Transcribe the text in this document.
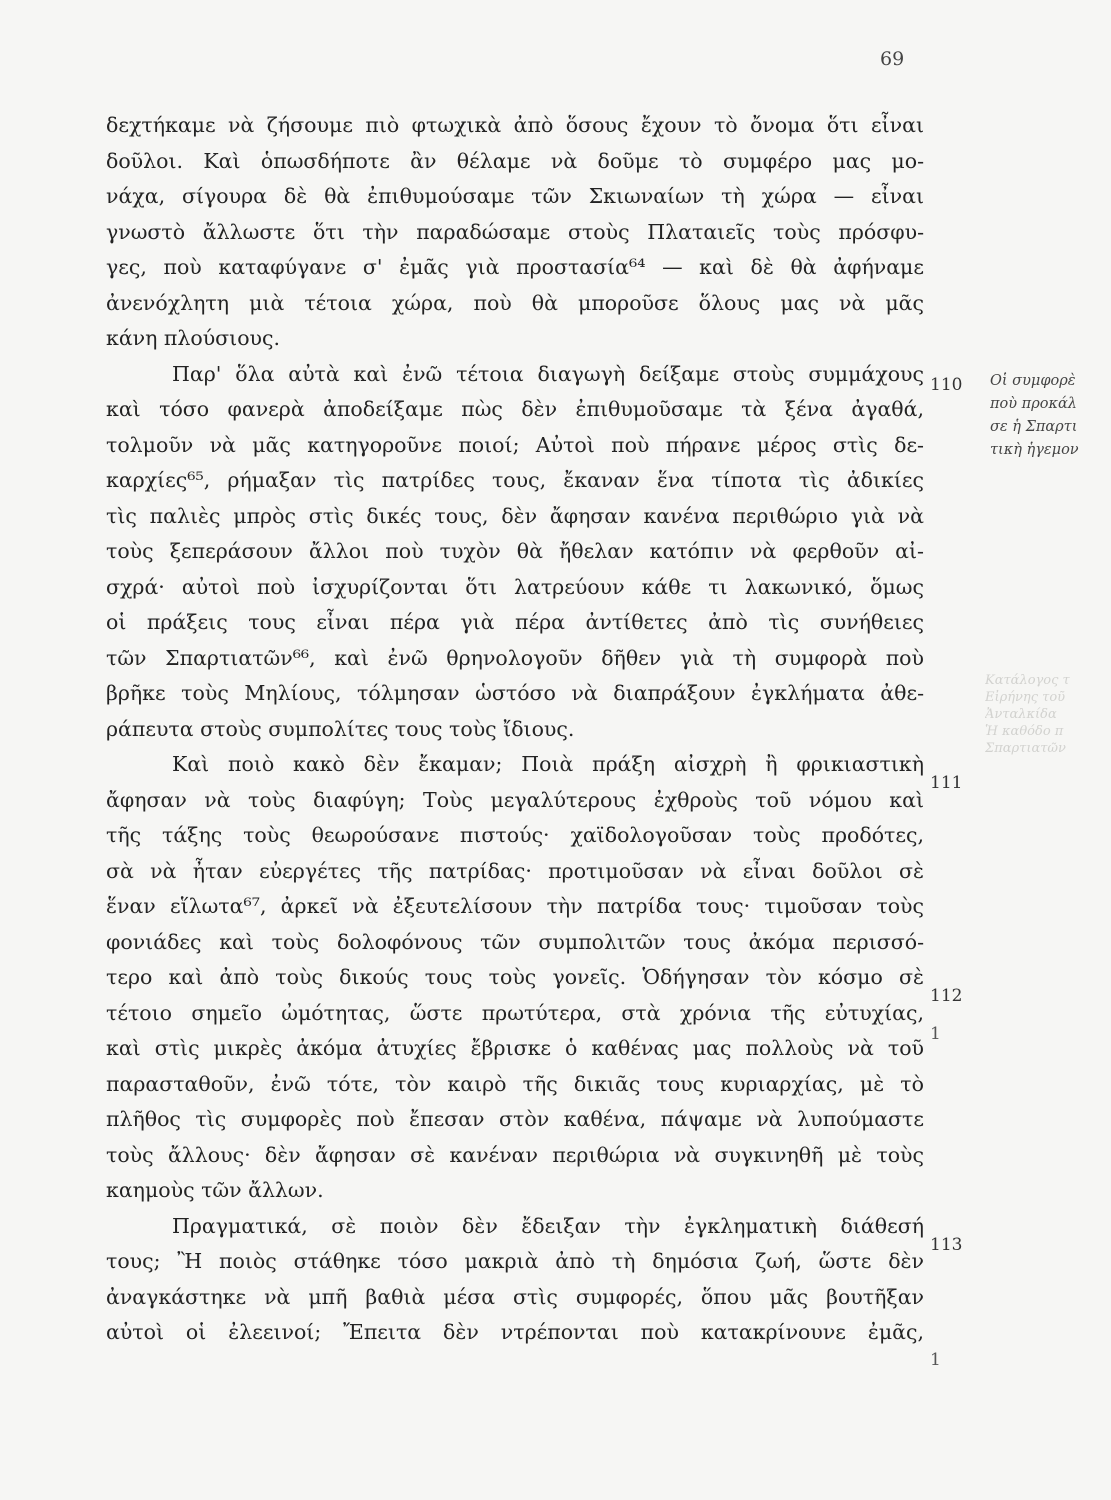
69
δεχτήκαμε νὰ ζήσουμε πιὸ φτωχικὰ ἀπὸ ὅσους ἔχουν τὸ ὄνομα ὅτι εἶναι
δοῦλοι. Καὶ ὁπωσδήποτε ἂν θέλαμε νὰ δοῦμε τὸ συμφέρο μας μο-
νάχα, σίγουρα δὲ θὰ ἐπιθυμούσαμε τῶν Σκιωναίων τὴ χώρα — εἶναι
γνωστὸ ἄλλωστε ὅτι τὴν παραδώσαμε στοὺς Πλαταιεῖς τοὺς πρόσφυ-
γες, ποὺ καταφύγανε σ' ἐμᾶς γιὰ προστασία⁶⁴ — καὶ δὲ θὰ ἀφήναμε
ἀνενόχλητη μιὰ τέτοια χώρα, ποὺ θὰ μποροῦσε ὅλους μας νὰ μᾶς
κάνη πλούσιους.
Παρ' ὅλα αὐτὰ καὶ ἐνῶ τέτοια διαγωγὴ δείξαμε στοὺς συμμάχους
καὶ τόσο φανερὰ ἀποδείξαμε πὼς δὲν ἐπιθυμοῦσαμε τὰ ξένα ἀγαθά,
τολμοῦν νὰ μᾶς κατηγοροῦνε ποιοί; Αὐτοὶ ποὺ πήρανε μέρος στὶς δε-
καρχίες⁶⁵, ρήμαξαν τὶς πατρίδες τους, ἔκαναν ἕνα τίποτα τὶς ἀδικίες
τὶς παλιὲς μπρὸς στὶς δικές τους, δὲν ἄφησαν κανένα περιθώριο γιὰ νὰ
τοὺς ξεπεράσουν ἄλλοι ποὺ τυχὸν θὰ ἤθελαν κατόπιν νὰ φερθοῦν αἰ-
σχρά· αὐτοὶ ποὺ ἰσχυρίζονται ὅτι λατρεύουν κάθε τι λακωνικό, ὅμως
οἱ πράξεις τους εἶναι πέρα γιὰ πέρα ἀντίθετες ἀπὸ τὶς συνήθειες
τῶν Σπαρτιατῶν⁶⁶, καὶ ἐνῶ θρηνολογοῦν δῆθεν γιὰ τὴ συμφορὰ ποὺ
βρῆκε τοὺς Μηλίους, τόλμησαν ὡστόσο νὰ διαπράξουν ἐγκλήματα ἀθε-
ράπευτα στοὺς συμπολίτες τους τοὺς ἴδιους.
Καὶ ποιὸ κακὸ δὲν ἔκαμαν; Ποιὰ πράξη αἰσχρὴ ἢ φρικιαστικὴ
ἄφησαν νὰ τοὺς διαφύγη; Τοὺς μεγαλύτερους ἐχθροὺς τοῦ νόμου καὶ
τῆς τάξης τοὺς θεωρούσανε πιστούς· χαϊδολογοῦσαν τοὺς προδότες,
σὰ νὰ ἦταν εὐεργέτες τῆς πατρίδας· προτιμοῦσαν νὰ εἶναι δοῦλοι σὲ
ἕναν εἵλωτα⁶⁷, ἀρκεῖ νὰ ἐξευτελίσουν τὴν πατρίδα τους· τιμοῦσαν τοὺς
φονιάδες καὶ τοὺς δολοφόνους τῶν συμπολιτῶν τους ἀκόμα περισσό-
τερο καὶ ἀπὸ τοὺς δικούς τους τοὺς γονεῖς. Ὁδήγησαν τὸν κόσμο σὲ
τέτοιο σημεῖο ὠμότητας, ὥστε πρωτύτερα, στὰ χρόνια τῆς εὐτυχίας,
καὶ στὶς μικρὲς ἀκόμα ἀτυχίες ἔβρισκε ὁ καθένας μας πολλοὺς νὰ τοῦ
παρασταθοῦν, ἐνῶ τότε, τὸν καιρὸ τῆς δικιᾶς τους κυριαρχίας, μὲ τὸ
πλῆθος τὶς συμφορὲς ποὺ ἔπεσαν στὸν καθένα, πάψαμε νὰ λυπούμαστε
τοὺς ἄλλους· δὲν ἄφησαν σὲ κανέναν περιθώρια νὰ συγκινηθῆ μὲ τοὺς
καημοὺς τῶν ἄλλων.
Πραγματικά, σὲ ποιὸν δὲν ἔδειξαν τὴν ἐγκληματικὴ διάθεσή
τους; Ἢ ποιὸς στάθηκε τόσο μακριὰ ἀπὸ τὴ δημόσια ζωή, ὥστε δὲν
ἀναγκάστηκε νὰ μπῆ βαθιὰ μέσα στὶς συμφορές, ὅπου μᾶς βουτῆξαν
αὐτοὶ οἱ ἐλεεινοί; Ἔπειτα δὲν ντρέπονται ποὺ κατακρίνουνε ἐμᾶς,
110
111
112
113
Οἱ συμφορὲ
ποὺ προκάλ
σε ἡ Σπαρτι
τικὴ ἡγεμον
Κατάλογος τ
Εἰρήνης τοῦ
Ἀνταλκίδα
Ἡ καθόδο π
Σπαρτιατῶν
1
1
